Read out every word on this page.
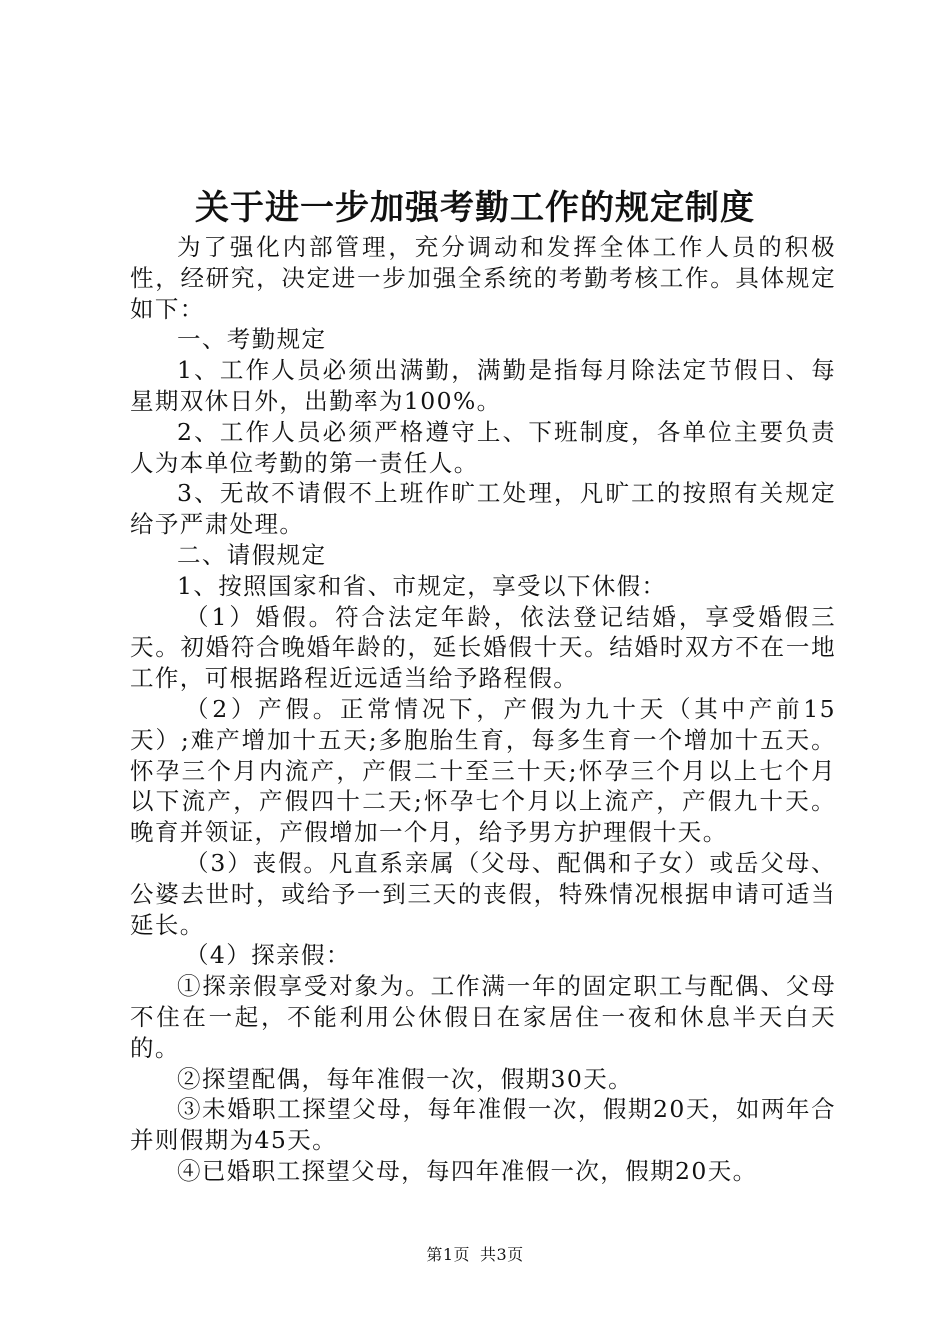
关于进一步加强考勤工作的规定制度

为了强化内部管理，充分调动和发挥全体工作人员的积极性，经研究，决定进一步加强全系统的考勤考核工作。具体规定如下：

一、考勤规定

1、工作人员必须出满勤，满勤是指每月除法定节假日、每星期双休日外，出勤率为100%。

2、工作人员必须严格遵守上、下班制度，各单位主要负责人为本单位考勤的第一责任人。

3、无故不请假不上班作旷工处理，凡旷工的按照有关规定给予严肃处理。

二、请假规定

1、按照国家和省、市规定，享受以下休假：

（1）婚假。符合法定年龄，依法登记结婚，享受婚假三天。初婚符合晚婚年龄的，延长婚假十天。结婚时双方不在一地工作，可根据路程近远适当给予路程假。

（2）产假。正常情况下，产假为九十天（其中产前15天）;难产增加十五天;多胞胎生育，每多生育一个增加十五天。怀孕三个月内流产，产假二十至三十天;怀孕三个月以上七个月以下流产，产假四十二天;怀孕七个月以上流产，产假九十天。晚育并领证，产假增加一个月，给予男方护理假十天。

（3）丧假。凡直系亲属（父母、配偶和子女）或岳父母、公婆去世时，或给予一到三天的丧假，特殊情况根据申请可适当延长。

（4）探亲假：

①探亲假享受对象为。工作满一年的固定职工与配偶、父母不住在一起，不能利用公休假日在家居住一夜和休息半天白天的。

②探望配偶，每年准假一次，假期30天。

③未婚职工探望父母，每年准假一次，假期20天，如两年合并则假期为45天。

④已婚职工探望父母，每四年准假一次，假期20天。

第1页 共3页
